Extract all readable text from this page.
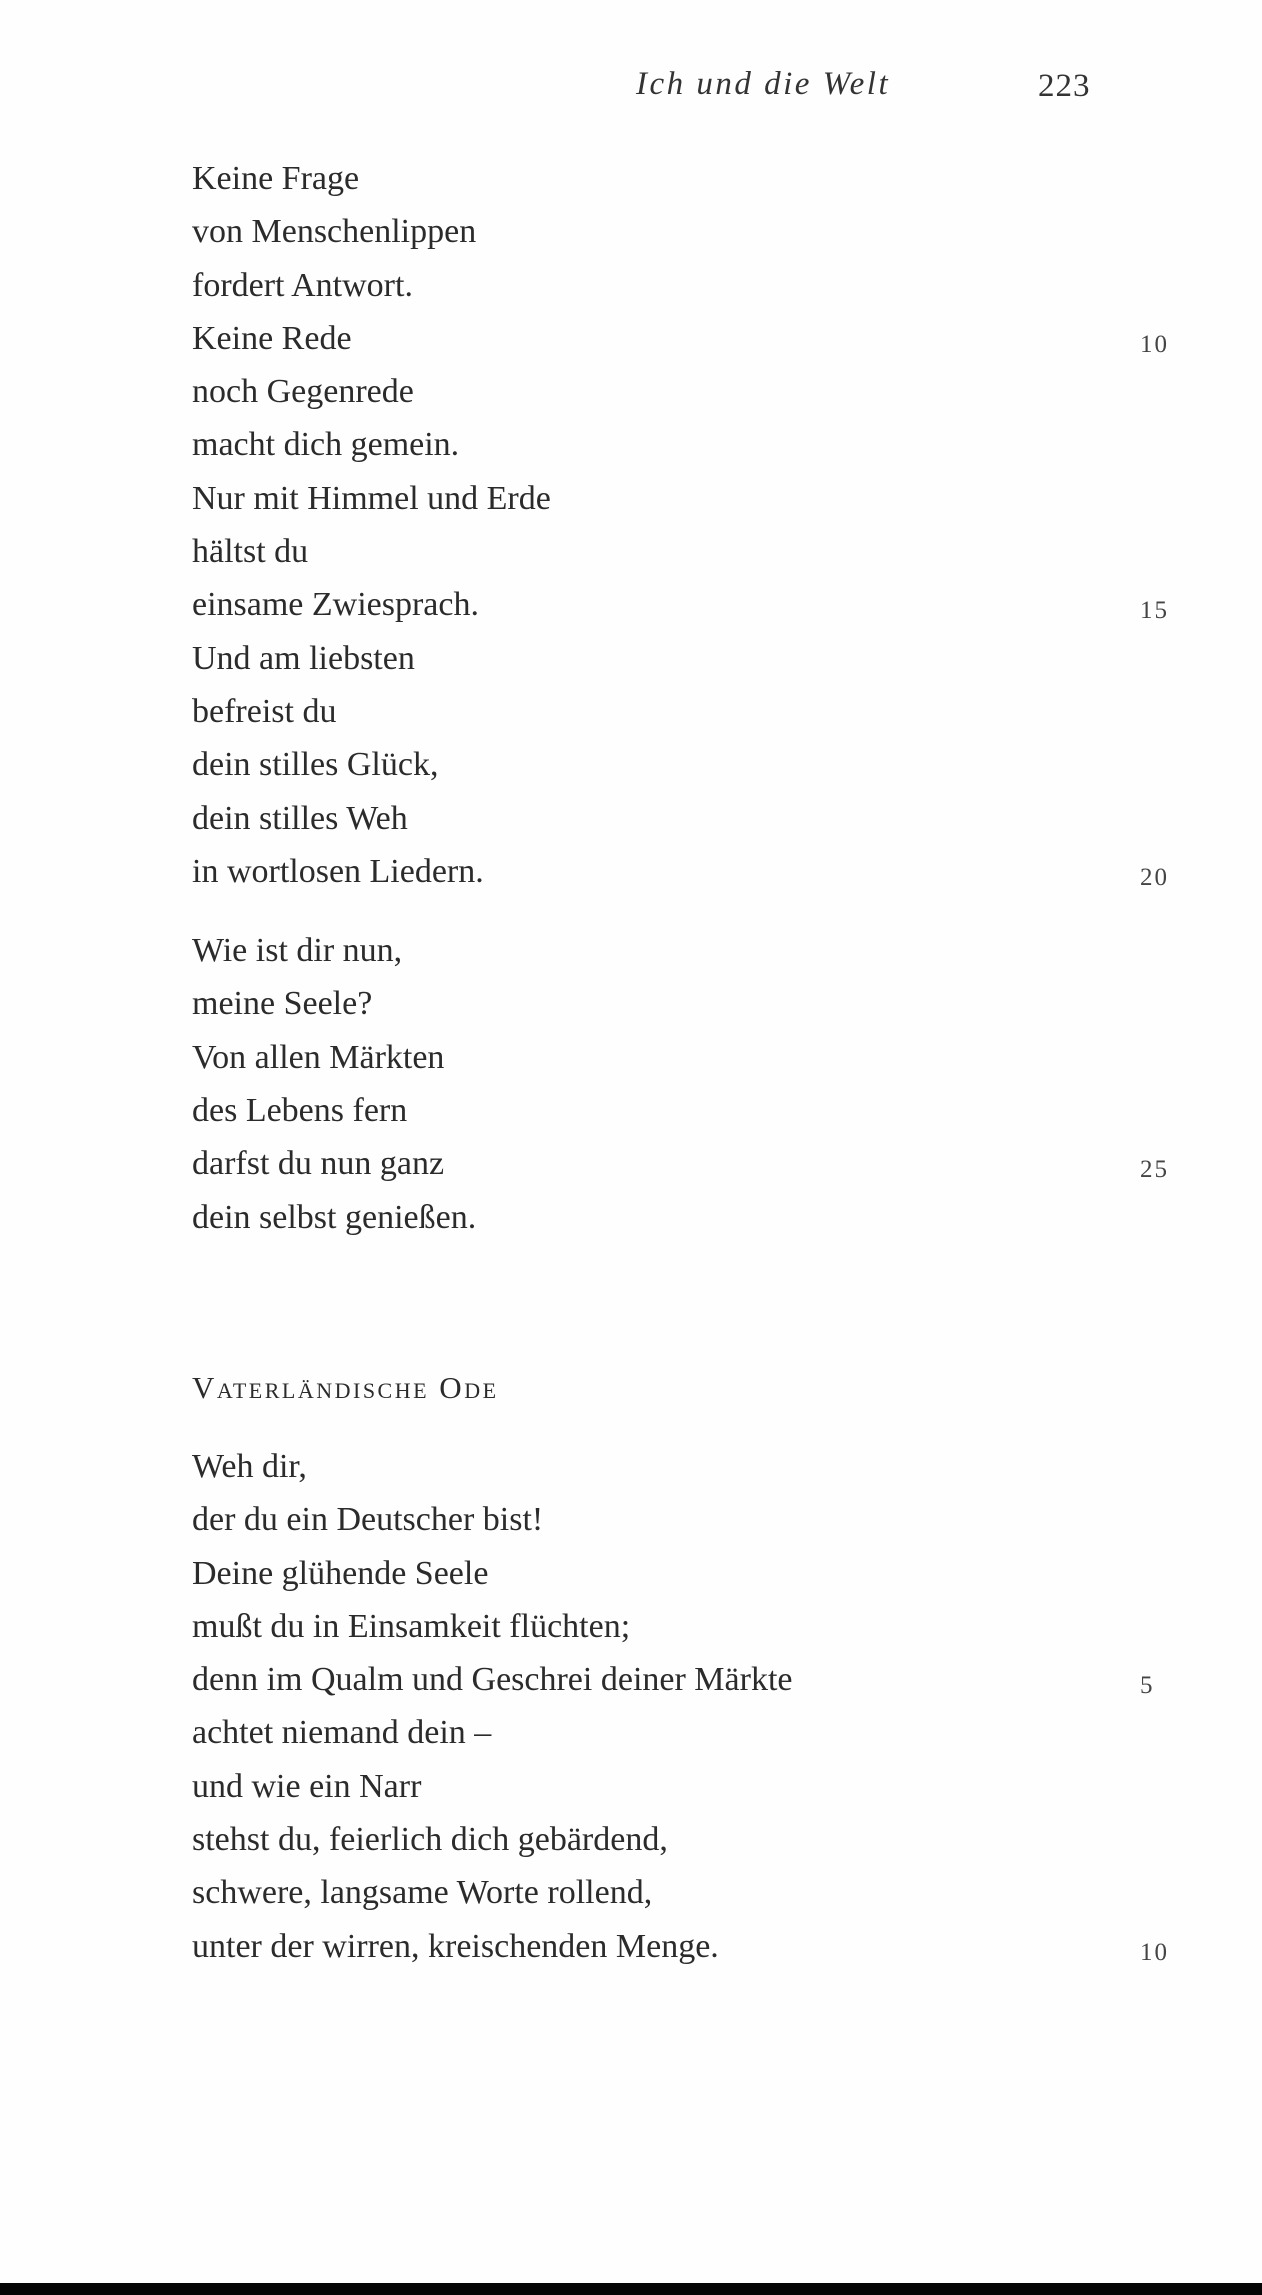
Ich und die Welt	223
Keine Frage
von Menschenlippen
fordert Antwort.
Keine Rede	10
noch Gegenrede
macht dich gemein.
Nur mit Himmel und Erde
hältst du
einsame Zwiesprach.	15
Und am liebsten
befreist du
dein stilles Glück,
dein stilles Weh
in wortlosen Liedern.	20
Wie ist dir nun,
meine Seele?
Von allen Märkten
des Lebens fern
darfst du nun ganz	25
dein selbst genießen.
Vaterländische Ode
Weh dir,
der du ein Deutscher bist!
Deine glühende Seele
mußt du in Einsamkeit flüchten;
denn im Qualm und Geschrei deiner Märkte	5
achtet niemand dein –
und wie ein Narr
stehst du, feierlich dich gebärdend,
schwere, langsame Worte rollend,
unter der wirren, kreischenden Menge.	10
